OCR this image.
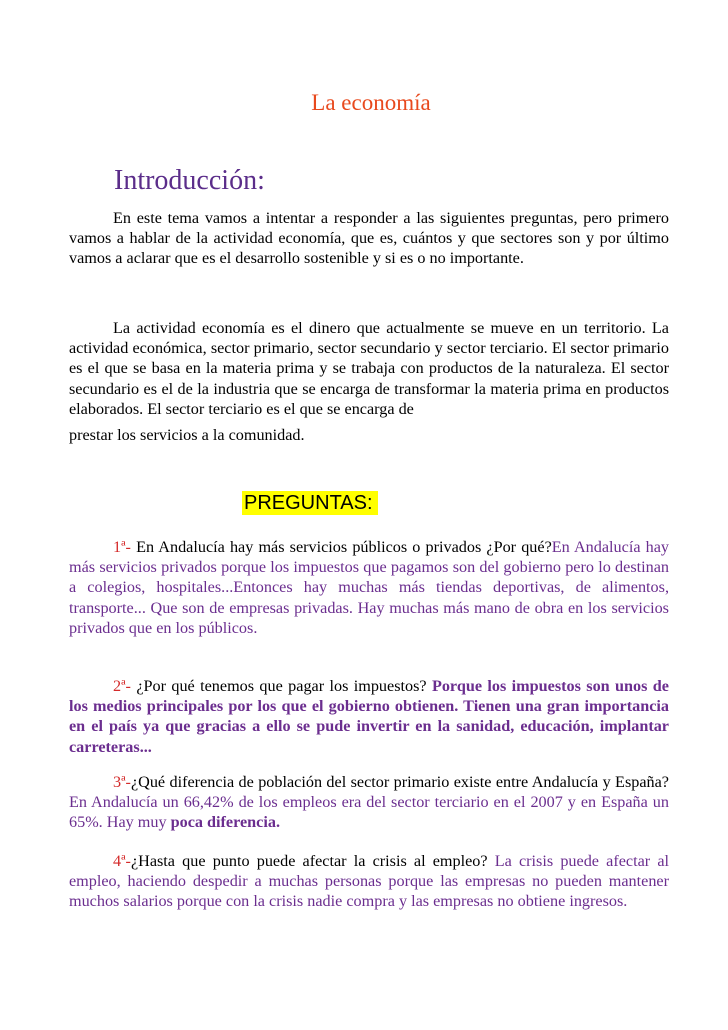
La economía
Introducción:

En este tema vamos a intentar a responder a las siguientes preguntas, pero primero vamos a hablar de la actividad economía, que es, cuántos y que sectores son y por último vamos a aclarar que es el desarrollo sostenible y si es o no importante.

La actividad economía es el dinero que actualmente se mueve en un territorio. La actividad económica, sector primario, sector secundario y sector terciario. El sector primario es el que se basa en la materia prima y se trabaja con productos de la naturaleza. El sector secundario es el de la industria que se encarga de transformar la materia prima en productos elaborados. El sector terciario es el que se encarga de
prestar los servicios a la comunidad.

PREGUNTAS:

1ª- En Andalucía hay más servicios públicos o privados ¿Por qué?En Andalucía hay más servicios privados porque los impuestos que pagamos son del gobierno pero lo destinan a colegios, hospitales...Entonces hay muchas más tiendas deportivas, de alimentos, transporte... Que son de empresas privadas. Hay muchas más mano de obra en los servicios privados que en los públicos.

2ª- ¿Por qué tenemos que pagar los impuestos? Porque los impuestos son unos de los medios principales por los que el gobierno obtienen. Tienen una gran importancia en el país ya que gracias a ello se pude invertir en la sanidad, educación, implantar carreteras...

3ª-¿Qué diferencia de población del sector primario existe entre Andalucía y España?En Andalucía un 66,42% de los empleos era del sector terciario en el 2007 y en España un 65%. Hay muy poca diferencia.

4ª-¿Hasta que punto puede afectar la crisis al empleo? La crisis puede afectar al empleo, haciendo despedir a muchas personas porque las empresas no pueden mantener muchos salarios porque con la crisis nadie compra y las empresas no obtiene ingresos.
